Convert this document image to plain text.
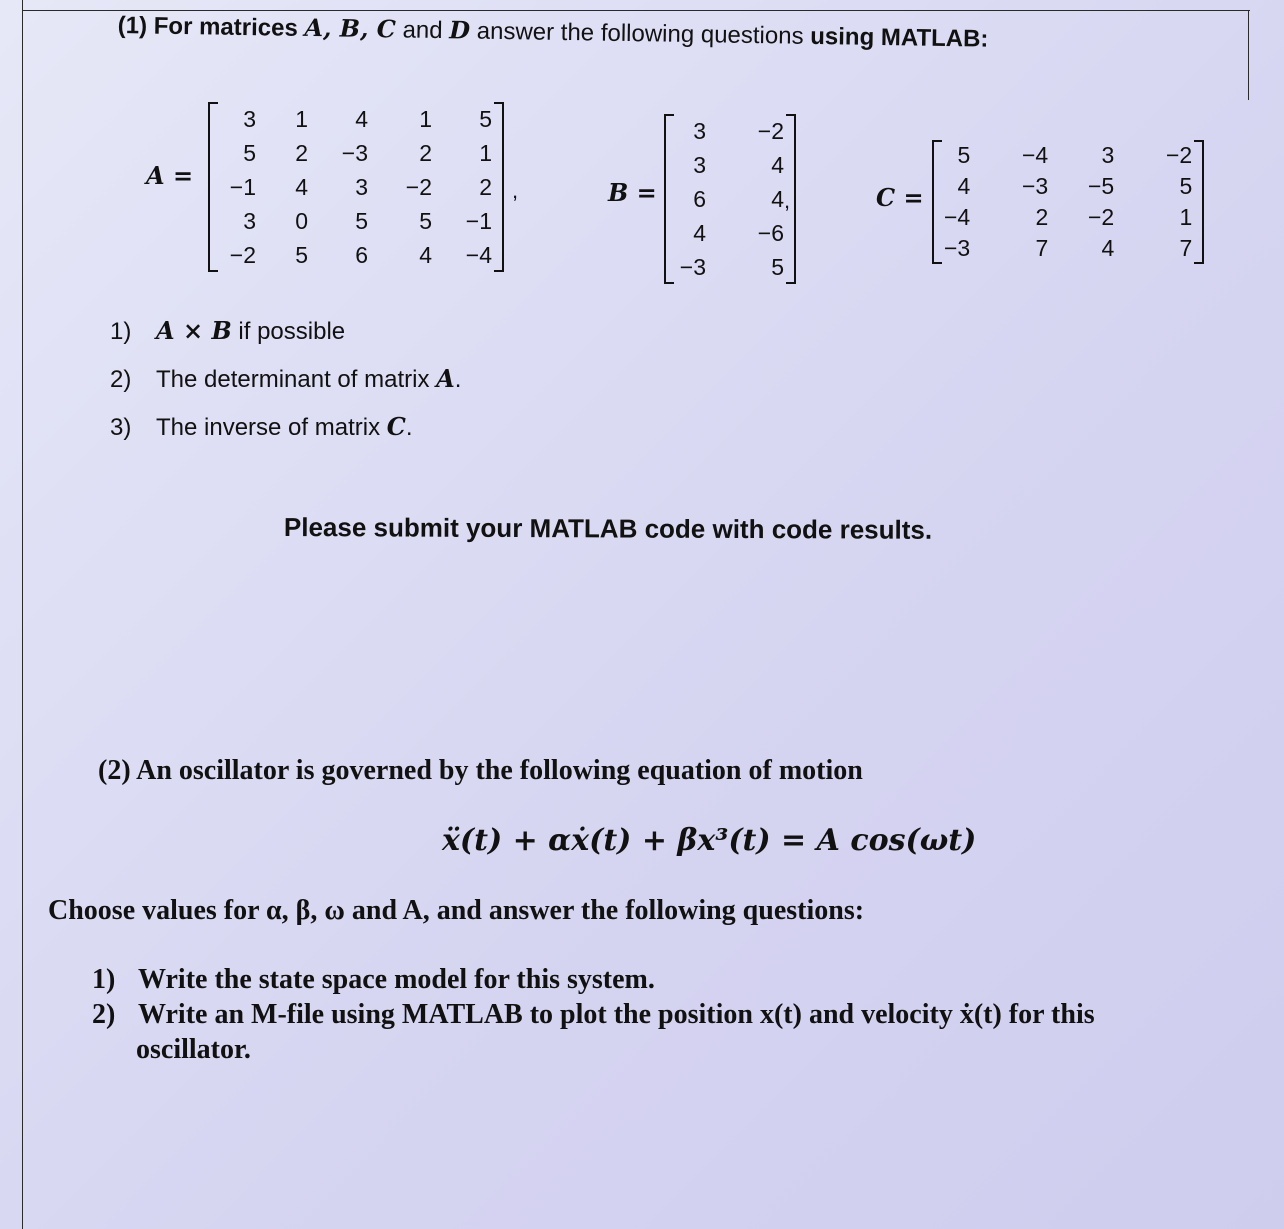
(1) For matrices A, B, C and D answer the following questions using MATLAB:
A =
3	1	4	1	5
5	2	−3	2	1
−1	4	3	−2	2
3	0	5	5	−1
−2	5	6	4	−4
,	B =
3	−2
3	4
6	4
4	−6
−3	5
,	C =
5	−4	3	−2
4	−3	−5	5
−4	2	−2	1
−3	7	4	7
1) A × B if possible
2) The determinant of matrix A.
3) The inverse of matrix C.
Please submit your MATLAB code with code results.
(2) An oscillator is governed by the following equation of motion
ẍ(t) + αẋ(t) + βx³(t) = A cos(ωt)
Choose values for α, β, ω and A, and answer the following questions:
1) Write the state space model for this system.
2) Write an M-file using MATLAB to plot the position x(t) and velocity ẋ(t) for this
oscillator.
